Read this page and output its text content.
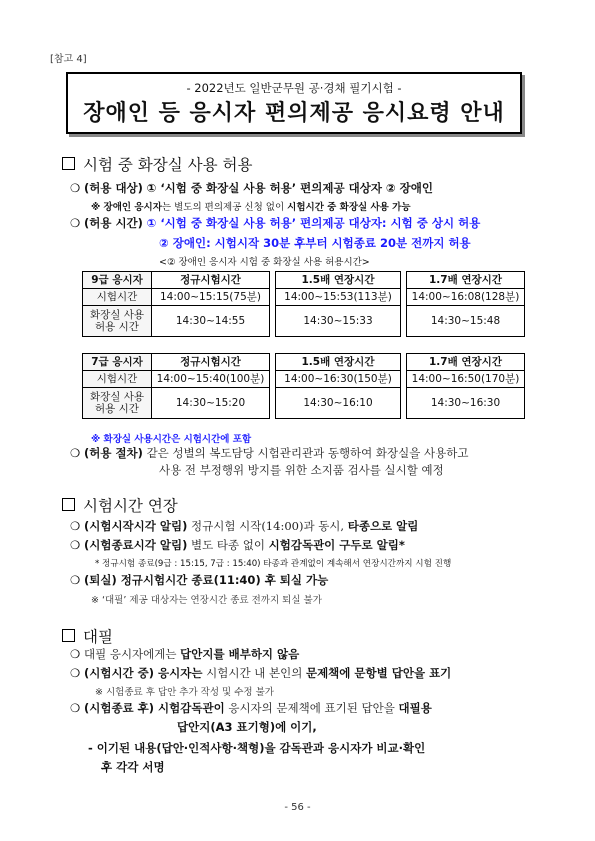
[참고 4]
- 2022년도 일반군무원 공·경채 필기시험 -
장애인 등 응시자 편의제공 응시요령 안내
시험 중 화장실 사용 허용
❍ (허용 대상) ① ‘시험 중 화장실 사용 허용’ 편의제공 대상자 ② 장애인
※ 장애인 응시자는 별도의 편의제공 신청 없이 시험시간 중 화장실 사용 가능
❍ (허용 시간) ① ‘시험 중 화장실 사용 허용’ 편의제공 대상자: 시험 중 상시 허용
② 장애인: 시험시작 30분 후부터 시험종료 20분 전까지 허용
<② 장애인 응시자 시험 중 화장실 사용 허용시간>
9급 응시자	정규시험시간		1.5배 연장시간		1.7배 연장시간
시험시간	14:00~15:15(75분)		14:00~15:53(113분)		14:00~16:08(128분)
화장실 사용
허용 시간	14:30~14:55		14:30~15:33		14:30~15:48
7급 응시자	정규시험시간		1.5배 연장시간		1.7배 연장시간
시험시간	14:00~15:40(100분)		14:00~16:30(150분)		14:00~16:50(170분)
화장실 사용
허용 시간	14:30~15:20		14:30~16:10		14:30~16:30
※ 화장실 사용시간은 시험시간에 포함
❍ (허용 절차) 같은 성별의 복도담당 시험관리관과 동행하여 화장실을 사용하고
사용 전 부정행위 방지를 위한 소지품 검사를 실시할 예정
시험시간 연장
❍ (시험시작시각 알림) 정규시험 시작(14:00)과 동시, 타종으로 알림
❍ (시험종료시각 알림) 별도 타종 없이 시험감독관이 구두로 알림*
* 정규시험 종료(9급 : 15:15, 7급 : 15:40) 타종과 관계없이 계속해서 연장시간까지 시험 진행
❍ (퇴실) 정규시험시간 종료(11:40) 후 퇴실 가능
※ ‘대필’ 제공 대상자는 연장시간 종료 전까지 퇴실 불가
대필
❍ 대필 응시자에게는 답안지를 배부하지 않음
❍ (시험시간 중) 응시자는 시험시간 내 본인의 문제책에 문항별 답안을 표기
※ 시험종료 후 답안 추가 작성 및 수정 불가
❍ (시험종료 후) 시험감독관이 응시자의 문제책에 표기된 답안을 대필용
답안지(A3 표기형)에 이기,
- 이기된 내용(답안·인적사항·책형)을 감독관과 응시자가 비교·확인
후 각각 서명
- 56 -
